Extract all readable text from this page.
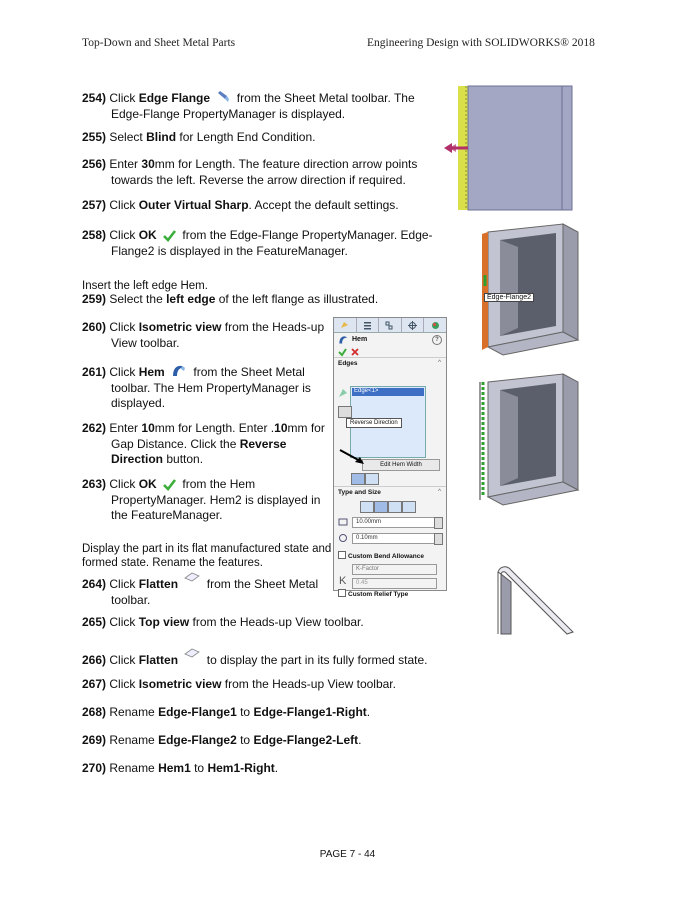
Top-Down and Sheet Metal Parts	Engineering Design with SOLIDWORKS® 2018
254) Click Edge Flange  from the Sheet Metal toolbar. The
Edge-Flange PropertyManager is displayed.
255) Select Blind for Length End Condition.
256) Enter 30mm for Length. The feature direction arrow points
towards the left. Reverse the arrow direction if required.
257) Click Outer Virtual Sharp. Accept the default settings.
258) Click OK  from the Edge-Flange PropertyManager. Edge-
Flange2 is displayed in the FeatureManager.
Insert the left edge Hem.
259) Select the left edge of the left flange as illustrated.
260) Click Isometric view from the Heads-up
View toolbar.
261) Click Hem  from the Sheet Metal
toolbar. The Hem PropertyManager is
displayed.
262) Enter 10mm for Length. Enter .10mm for
Gap Distance. Click the Reverse
Direction button.
263) Click OK  from the Hem
PropertyManager. Hem2 is displayed in
the FeatureManager.
Display the part in its flat manufactured state and
formed state. Rename the features.
264) Click Flatten  from the Sheet Metal
toolbar.
265) Click Top view from the Heads-up View toolbar.
266) Click Flatten  to display the part in its fully formed state.
267) Click Isometric view from the Heads-up View toolbar.
268) Rename Edge-Flange1 to Edge-Flange1-Right.
269) Rename Edge-Flange2 to Edge-Flange2-Left.
270) Rename Hem1 to Hem1-Right.
Hem	?
Edges	^
Edge<1>
Reverse Direction
Edit Hem Width
Type and Size	^
10.00mm
0.10mm
Custom Bend Allowance
K-Factor
K	0.45
Custom Relief Type
Edge-Flange2
PAGE 7 - 44
